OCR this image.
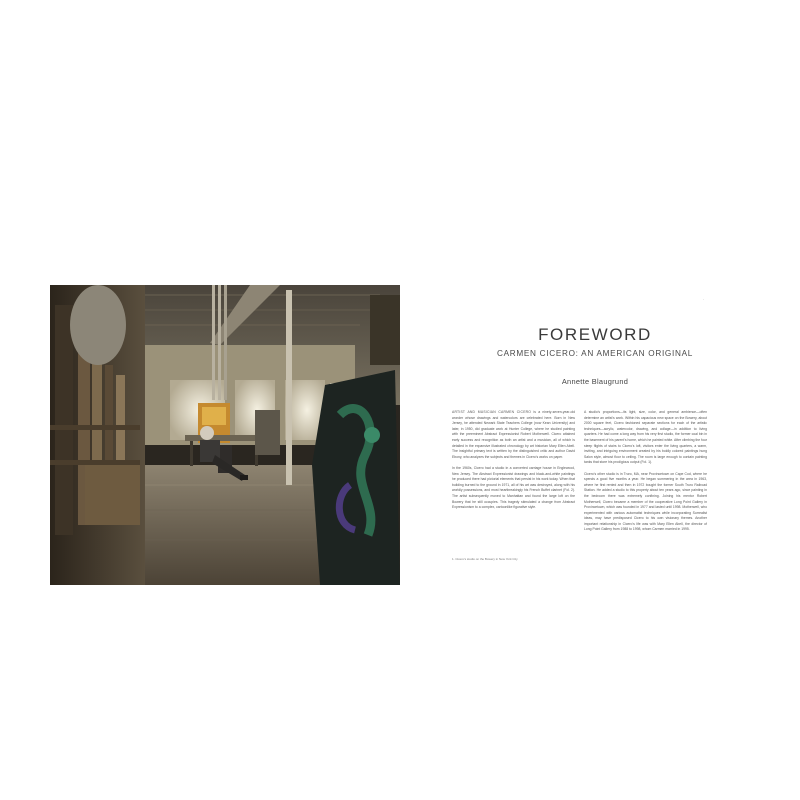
·
FOREWORD
CARMEN CICERO: AN AMERICAN ORIGINAL
Annette Blaugrund

ARTIST AND MUSICIAN CARMEN CICERO is a ninety-seven-year-old wonder whose drawings and watercolors are celebrated here. Born in New Jersey, he attended Newark State Teachers College (now Kean University) and later, in 1950, did graduate work at Hunter College, where he studied painting with the preeminent Abstract Expressionist Robert Motherwell. Cicero attained early success and recognition as both an artist and a musician, all of which is detailed in the expansive illustrated chronology by art historian Mary Ellen Abell. The insightful primary text is written by the distinguished critic and author David Ebony, who analyzes the subjects and themes in Cicero's works on paper.

In the 1960s, Cicero had a studio in a converted carriage house in Englewood, New Jersey. The Abstract Expressionist drawings and black-and-white paintings he produced there had pictorial elements that persist in his work today. When that building burned to the ground in 1971, all of his art was destroyed, along with his worldly possessions, and most heartbreakingly his French Buffet clarinet (Fol. 2). The artist subsequently moved to Manhattan and found the large loft on the Bowery that he still occupies. This tragedy stimulated a change from Abstract Expressionism to a complex, cartoonlike figurative style.

A studio's proportions—its light, size, color, and general ambience—often determine an artist's work. Within his capacious new space on the Bowery, about 2000 square feet, Cicero fashioned separate sections for each of the artistic techniques—acrylic, watercolor, drawing, and collage—in addition to living quarters. He had come a long way from his very first studio, the former coal bin in the basement of his parent's home, which he painted white. After climbing the four steep flights of stairs to Cicero's loft, visitors enter the living quarters, a warm, inviting, and intriguing environment created by his boldly colored paintings hung Salon style, almost floor to ceiling. The room is large enough to contain painting tanks that store his prodigious output (Fol. 1).

Cicero's other studio is in Truro, MA, near Provincetown on Cape Cod, where he spends a good five months a year. He began summering in the area in 1963, where he first rented and then in 1972 bought the former South Truro Railroad Station. He added a studio to this property about ten years ago, since painting in the bedroom there was extremely confining. Joining his mentor Robert Motherwell, Cicero became a member of the cooperative Long Point Gallery in Provincetown, which was founded in 1977 and lasted until 1998. Motherwell, who experimented with various automatist techniques while incorporating Surrealist ideas, may have predisposed Cicero to his own visionary themes. Another important relationship in Cicero's life was with Mary Ellen Abell, the director of Long Point Gallery from 1988 to 1998, whom Carmen married in 1995.

1. Cicero's studio on the Bowery in New York City
